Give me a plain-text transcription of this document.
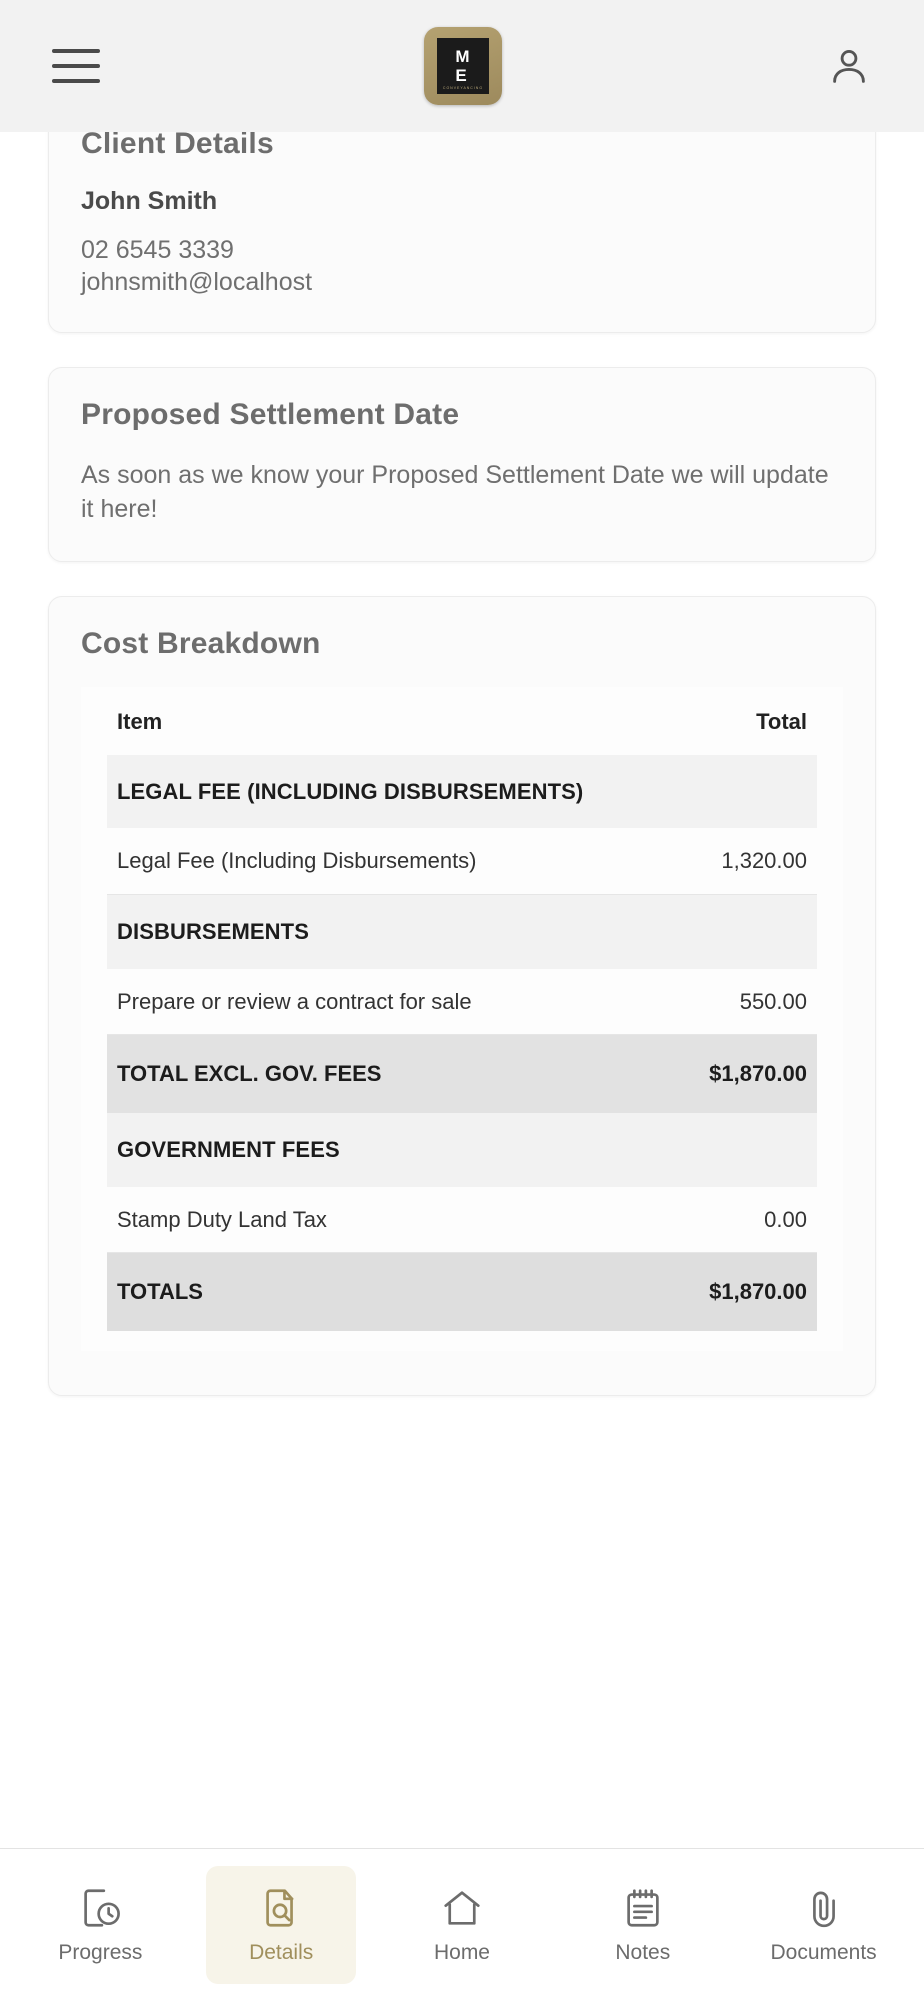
M
E
CONVEYANCING
Client Details
John Smith
02 6545 3339
johnsmith@localhost
Proposed Settlement Date
As soon as we know your Proposed Settlement Date we will update it here!
Cost Breakdown
Item	Total
LEGAL FEE (INCLUDING DISBURSEMENTS)	
Legal Fee (Including Disbursements)	1,320.00
DISBURSEMENTS	
Prepare or review a contract for sale	550.00
TOTAL EXCL. GOV. FEES	$1,870.00
GOVERNMENT FEES	
Stamp Duty Land Tax	0.00
TOTALS	$1,870.00
Progress	Details	Home	Notes	Documents
